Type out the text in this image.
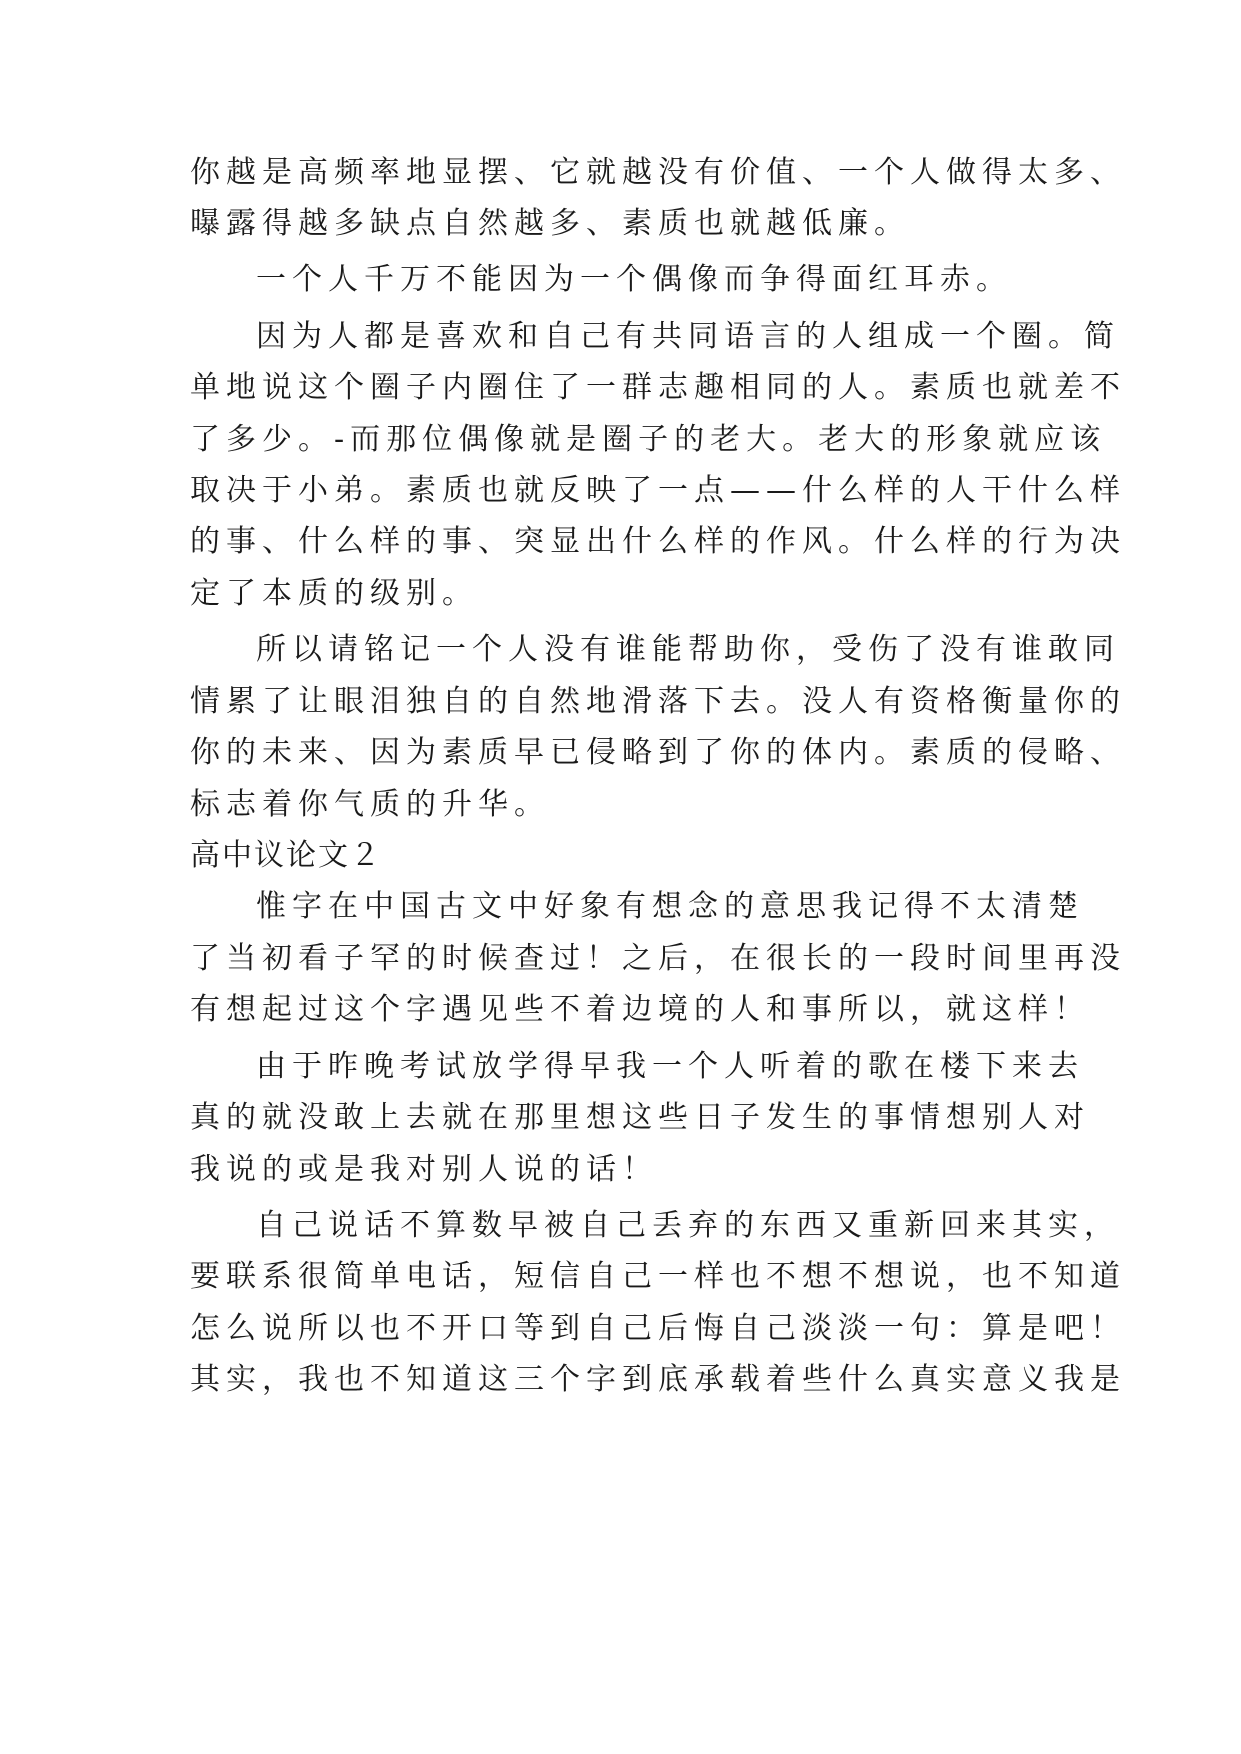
你越是高频率地显摆、它就越没有价值、一个人做得太多、
曝露得越多缺点自然越多、素质也就越低廉。
一个人千万不能因为一个偶像而争得面红耳赤。
因为人都是喜欢和自己有共同语言的人组成一个圈。简
单地说这个圈子内圈住了一群志趣相同的人。素质也就差不
了多少。-而那位偶像就是圈子的老大。老大的形象就应该
取决于小弟。素质也就反映了一点——什么样的人干什么样
的事、什么样的事、突显出什么样的作风。什么样的行为决
定了本质的级别。
所以请铭记一个人没有谁能帮助你，受伤了没有谁敢同
情累了让眼泪独自的自然地滑落下去。没人有资格衡量你的
你的未来、因为素质早已侵略到了你的体内。素质的侵略、
标志着你气质的升华。
高中议论文２
惟字在中国古文中好象有想念的意思我记得不太清楚
了当初看子罕的时候查过！之后，在很长的一段时间里再没
有想起过这个字遇见些不着边境的人和事所以，就这样！
由于昨晚考试放学得早我一个人听着的歌在楼下来去
真的就没敢上去就在那里想这些日子发生的事情想别人对
我说的或是我对别人说的话！
自己说话不算数早被自己丢弃的东西又重新回来其实，
要联系很简单电话，短信自己一样也不想不想说，也不知道
怎么说所以也不开口等到自己后悔自己淡淡一句：算是吧！
其实，我也不知道这三个字到底承载着些什么真实意义我是
